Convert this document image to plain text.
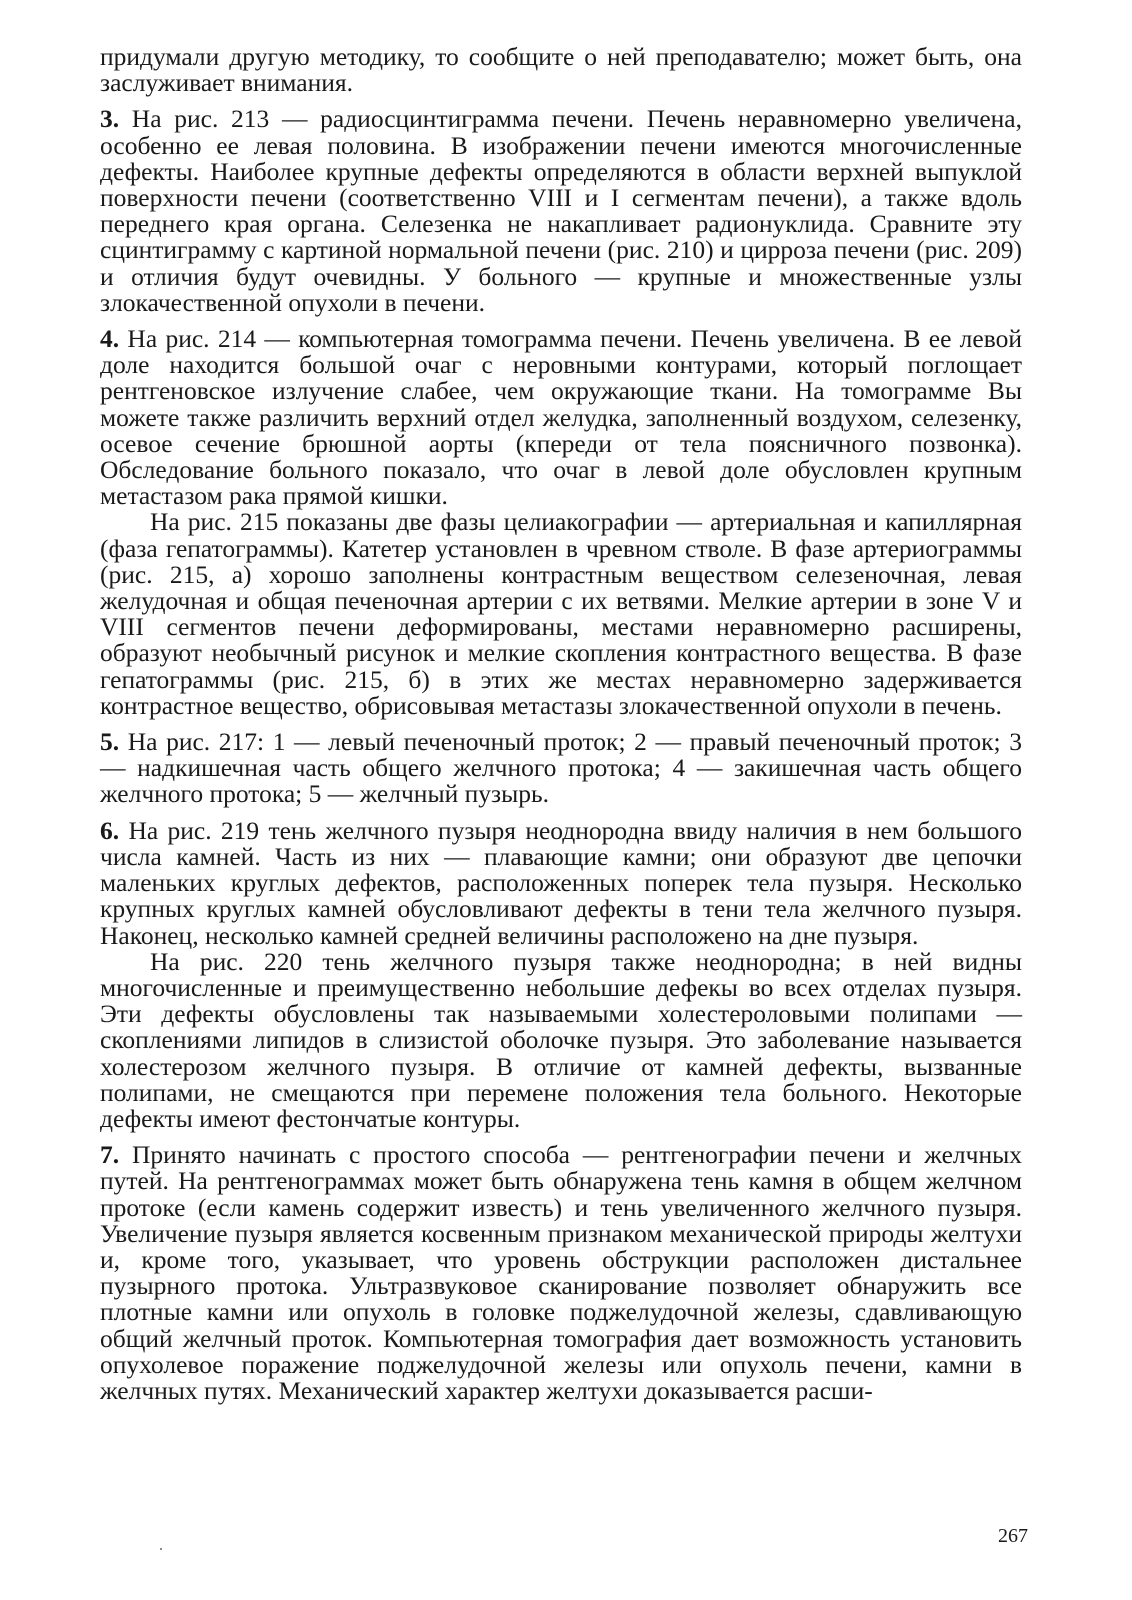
придумали другую методику, то сообщите о ней преподавателю; может быть, она заслуживает внимания.

3. На рис. 213 — радиосцинтиграмма печени. Печень неравномерно увеличена, особенно ее левая половина. В изображении печени имеются многочисленные дефекты. Наиболее крупные дефекты определяются в области верхней выпуклой поверхности печени (соответственно VIII и I сегментам печени), а также вдоль переднего края органа. Селезенка не накапливает радионуклида. Сравните эту сцинтиграмму с картиной нормальной печени (рис. 210) и цирроза печени (рис. 209) и отличия будут очевидны. У больного — крупные и множественные узлы злокачественной опухоли в печени.

4. На рис. 214 — компьютерная томограмма печени. Печень увеличена. В ее левой доле находится большой очаг с неровными контурами, который поглощает рентгеновское излучение слабее, чем окружающие ткани. На томограмме Вы можете также различить верхний отдел желудка, заполненный воздухом, селезенку, осевое сечение брюшной аорты (кпереди от тела поясничного позвонка). Обследование больного показало, что очаг в левой доле обусловлен крупным метастазом рака прямой кишки.

На рис. 215 показаны две фазы целиакографии — артериальная и капиллярная (фаза гепатограммы). Катетер установлен в чревном стволе. В фазе артериограммы (рис. 215, а) хорошо заполнены контрастным веществом селезеночная, левая желудочная и общая печеночная артерии с их ветвями. Мелкие артерии в зоне V и VIII сегментов печени деформированы, местами неравномерно расширены, образуют необычный рисунок и мелкие скопления контрастного вещества. В фазе гепатограммы (рис. 215, б) в этих же местах неравномерно задерживается контрастное вещество, обрисовывая метастазы злокачественной опухоли в печень.

5. На рис. 217: 1 — левый печеночный проток; 2 — правый печеночный проток; 3 — надкишечная часть общего желчного протока; 4 — закишечная часть общего желчного протока; 5 — желчный пузырь.

6. На рис. 219 тень желчного пузыря неоднородна ввиду наличия в нем большого числа камней. Часть из них — плавающие камни; они образуют две цепочки маленьких круглых дефектов, расположенных поперек тела пузыря. Несколько крупных круглых камней обусловливают дефекты в тени тела желчного пузыря. Наконец, несколько камней средней величины расположено на дне пузыря.

На рис. 220 тень желчного пузыря также неоднородна; в ней видны многочисленные и преимущественно небольшие дефекы во всех отделах пузыря. Эти дефекты обусловлены так называемыми холестероловыми полипами — скоплениями липидов в слизистой оболочке пузыря. Это заболевание называется холестерозом желчного пузыря. В отличие от камней дефекты, вызванные полипами, не смещаются при перемене положения тела больного. Некоторые дефекты имеют фестончатые контуры.

7. Принято начинать с простого способа — рентгенографии печени и желчных путей. На рентгенограммах может быть обнаружена тень камня в общем желчном протоке (если камень содержит известь) и тень увеличенного желчного пузыря. Увеличение пузыря является косвенным признаком механической природы желтухи и, кроме того, указывает, что уровень обструкции расположен дистальнее пузырного протока. Ультразвуковое сканирование позволяет обнаружить все плотные камни или опухоль в головке поджелудочной железы, сдавливающую общий желчный проток. Компьютерная томография дает возможность установить опухолевое поражение поджелудочной железы или опухоль печени, камни в желчных путях. Механический характер желтухи доказывается расши-

267
